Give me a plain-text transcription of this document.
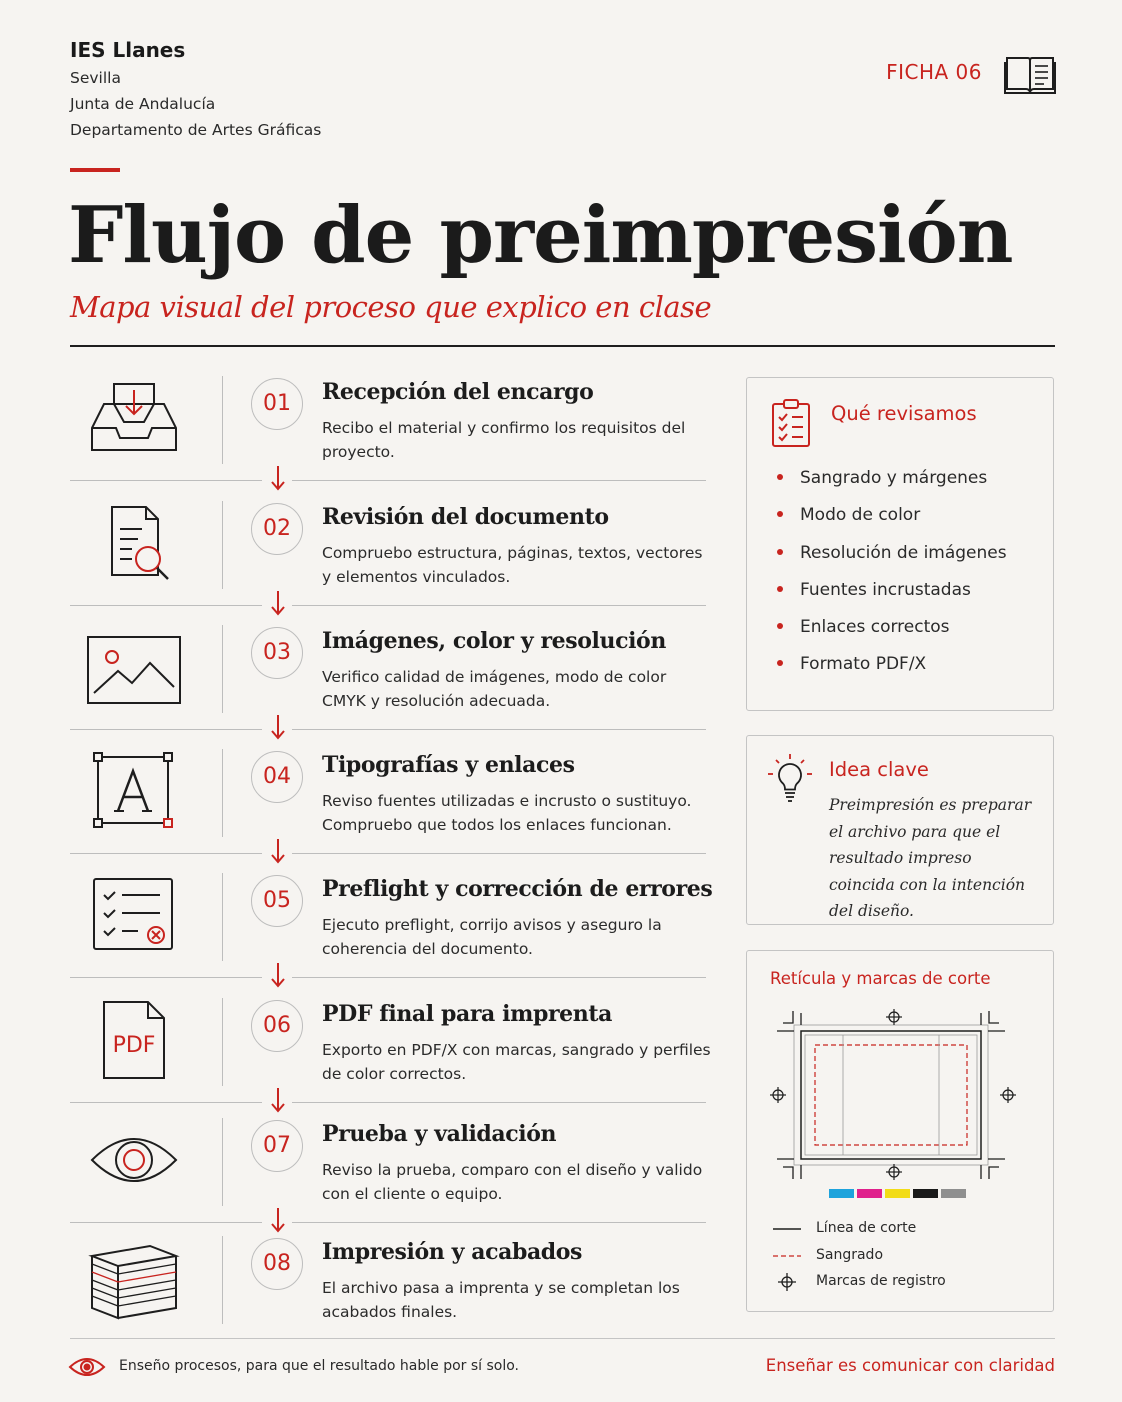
IES Llanes
Sevilla
Junta de Andalucía
Departamento de Artes Gráficas
FICHA 06
Flujo de preimpresión
Mapa visual del proceso que explico en clase
01	Recepción del encargo
Recibo el material y confirmo los requisitos del proyecto.
02	Revisión del documento
Compruebo estructura, páginas, textos, vectores y elementos vinculados.
03	Imágenes, color y resolución
Verifico calidad de imágenes, modo de color CMYK y resolución adecuada.
04	Tipografías y enlaces
Reviso fuentes utilizadas e incrusto o sustituyo. Compruebo que todos los enlaces funcionan.
05	Preflight y corrección de errores
Ejecuto preflight, corrijo avisos y aseguro la coherencia del documento.
PDF
06	PDF final para imprenta
Exporto en PDF/X con marcas, sangrado y perfiles de color correctos.
07	Prueba y validación
Reviso la prueba, comparo con el diseño y valido con el cliente o equipo.
08	Impresión y acabados
El archivo pasa a imprenta y se completan los acabados finales.
Qué revisamos
Sangrado y márgenes
Modo de color
Resolución de imágenes
Fuentes incrustadas
Enlaces correctos
Formato PDF/X
Idea clave
Preimpresión es preparar el archivo para que el resultado impreso coincida con la intención del diseño.
Retícula y marcas de corte
Línea de corte
Sangrado
Marcas de registro
Enseño procesos, para que el resultado hable por sí solo.	Enseñar es comunicar con claridad
